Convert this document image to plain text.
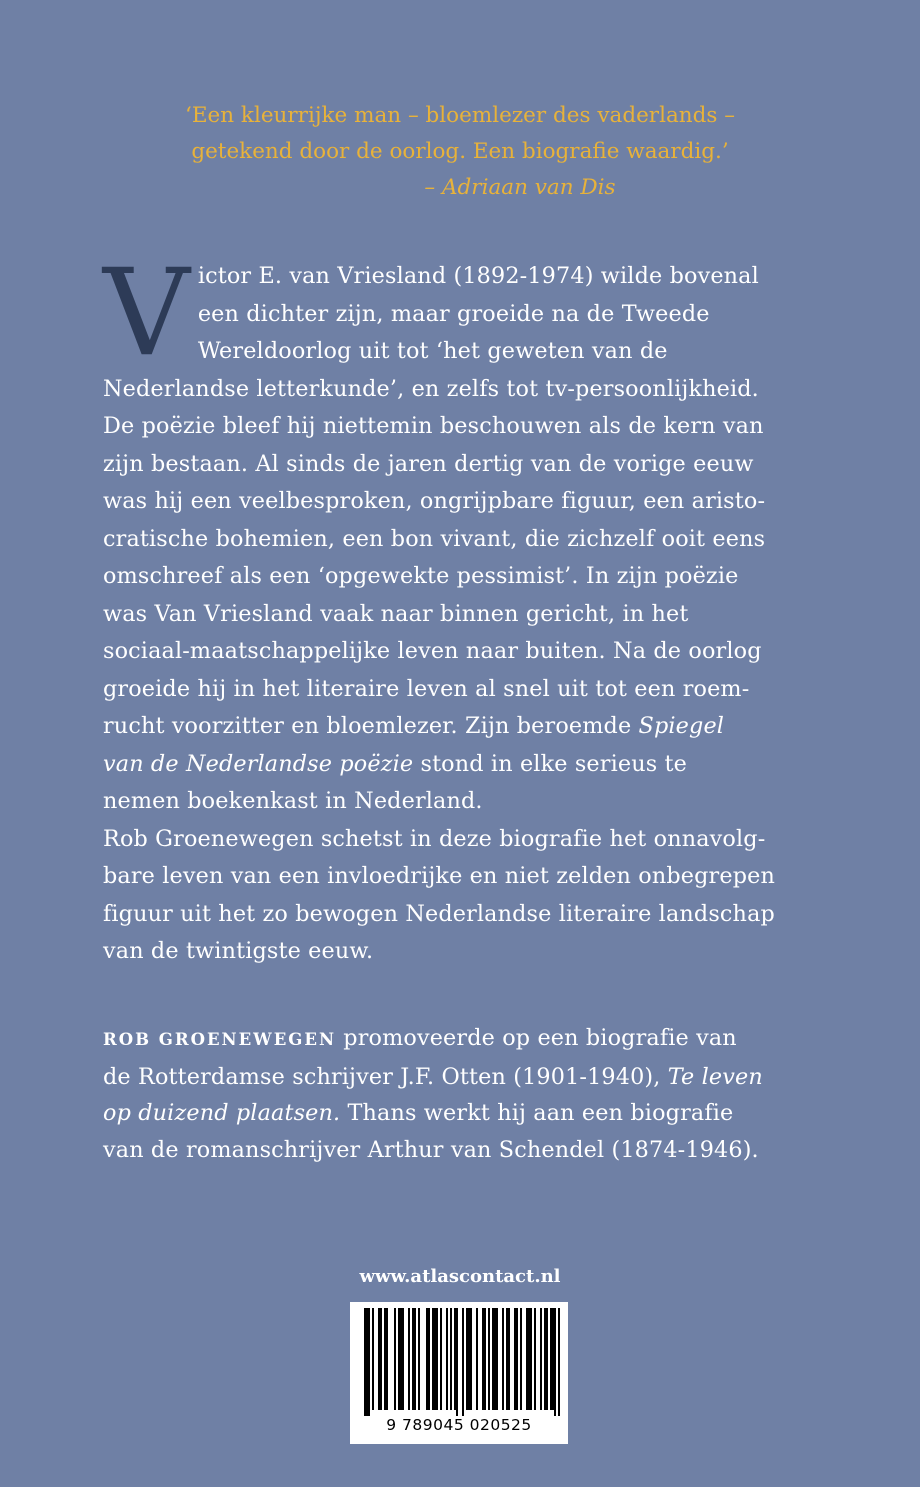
‘Een kleurrijke man – bloemlezer des vaderlands –
getekend door de oorlog. Een biografie waardig.’
– Adriaan van Dis
V ictor E. van Vriesland (1892-1974) wilde bovenal
een dichter zijn, maar groeide na de Tweede
Wereldoorlog uit tot ‘het geweten van de
Nederlandse letterkunde’, en zelfs tot tv-persoonlijkheid.
De poëzie bleef hij niettemin beschouwen als de kern van
zijn bestaan. Al sinds de jaren dertig van de vorige eeuw
was hij een veelbesproken, ongrijpbare figuur, een aristo-
cratische bohemien, een bon vivant, die zichzelf ooit eens
omschreef als een ‘opgewekte pessimist’. In zijn poëzie
was Van Vriesland vaak naar binnen gericht, in het
sociaal-maatschappelijke leven naar buiten. Na de oorlog
groeide hij in het literaire leven al snel uit tot een roem-
rucht voorzitter en bloemlezer. Zijn beroemde Spiegel
van de Nederlandse poëzie stond in elke serieus te
nemen boekenkast in Nederland.
Rob Groenewegen schetst in deze biografie het onnavolg-
bare leven van een invloedrijke en niet zelden onbegrepen
figuur uit het zo bewogen Nederlandse literaire landschap
van de twintigste eeuw.
ROB GROENEWEGEN promoveerde op een biografie van
de Rotterdamse schrijver J.F. Otten (1901-1940), Te leven
op duizend plaatsen. Thans werkt hij aan een biografie
van de romanschrijver Arthur van Schendel (1874-1946).
www.atlascontact.nl
9 789045 020525
